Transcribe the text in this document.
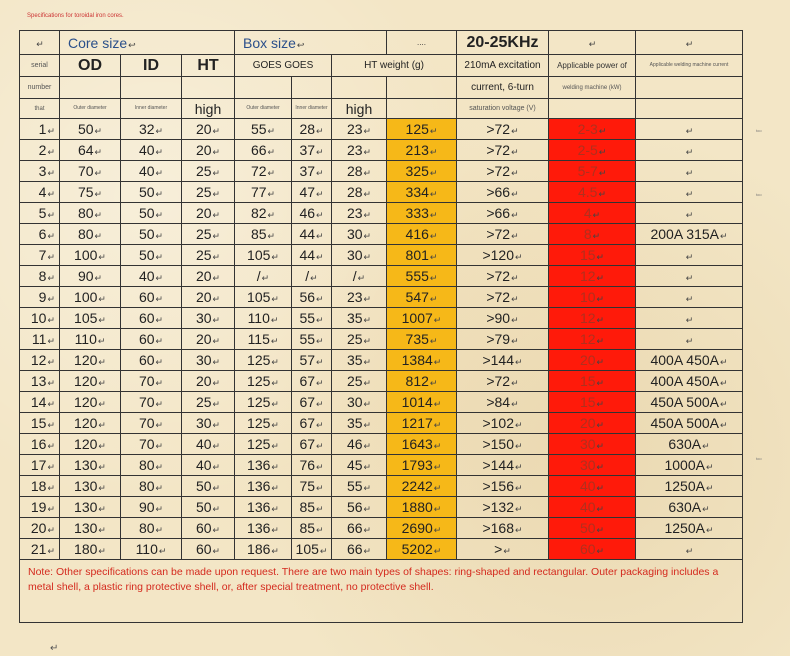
Specifications for toroidal iron cores.
↵	Core size↩			Box size↩			....	20-25KHz	↵	↵
serial	OD	ID	HT	GOES GOES		HT weight (g)		210mA excitation	Applicable power of	Applicable welding machine current
number								current, 6-turn	welding machine (kW)	
that	Outer diameter	Inner diameter	high	Outer diameter	Inner diameter	high		saturation voltage (V)		
1↵	50↵	32↵	20↵	55↵	28↵	23↵	125↵	>72↵	2-3↵	↵
2↵	64↵	40↵	20↵	66↵	37↵	23↵	213↵	>72↵	2-5↵	↵
3↵	70↵	40↵	25↵	72↵	37↵	28↵	325↵	>72↵	5-7↵	↵
4↵	75↵	50↵	25↵	77↵	47↵	28↵	334↵	>66↵	4.5↵	↵
5↵	80↵	50↵	20↵	82↵	46↵	23↵	333↵	>66↵	4↵	↵
6↵	80↵	50↵	25↵	85↵	44↵	30↵	416↵	>72↵	8↵	200A 315A↵
7↵	100↵	50↵	25↵	105↵	44↵	30↵	801↵	>120↵	15↵	↵
8↵	90↵	40↵	20↵	/↵	/↵	/↵	555↵	>72↵	12↵	↵
9↵	100↵	60↵	20↵	105↵	56↵	23↵	547↵	>72↵	10↵	↵
10↵	105↵	60↵	30↵	110↵	55↵	35↵	1007↵	>90↵	12↵	↵
11↵	110↵	60↵	20↵	115↵	55↵	25↵	735↵	>79↵	12↵	↵
12↵	120↵	60↵	30↵	125↵	57↵	35↵	1384↵	>144↵	20↵	400A 450A↵
13↵	120↵	70↵	20↵	125↵	67↵	25↵	812↵	>72↵	15↵	400A 450A↵
14↵	120↵	70↵	25↵	125↵	67↵	30↵	1014↵	>84↵	15↵	450A 500A↵
15↵	120↵	70↵	30↵	125↵	67↵	35↵	1217↵	>102↵	20↵	450A 500A↵
16↵	120↵	70↵	40↵	125↵	67↵	46↵	1643↵	>150↵	30↵	630A↵
17↵	130↵	80↵	40↵	136↵	76↵	45↵	1793↵	>144↵	30↵	1000A↵
18↵	130↵	80↵	50↵	136↵	75↵	55↵	2242↵	>156↵	40↵	1250A↵
19↵	130↵	90↵	50↵	136↵	85↵	56↵	1880↵	>132↵	40↵	630A↵
20↵	130↵	80↵	60↵	136↵	85↵	66↵	2690↵	>168↵	50↵	1250A↵
21↵	180↵	110↵	60↵	186↵	105↵	66↵	5202↵	>↵	60↵	↵
Note: Other specifications can be made upon request. There are two main types of shapes: ring-shaped and rectangular. Outer packaging includes a metal shell, a plastic ring protective shell, or, after special treatment, no protective shell.										
too
too
too
↵
